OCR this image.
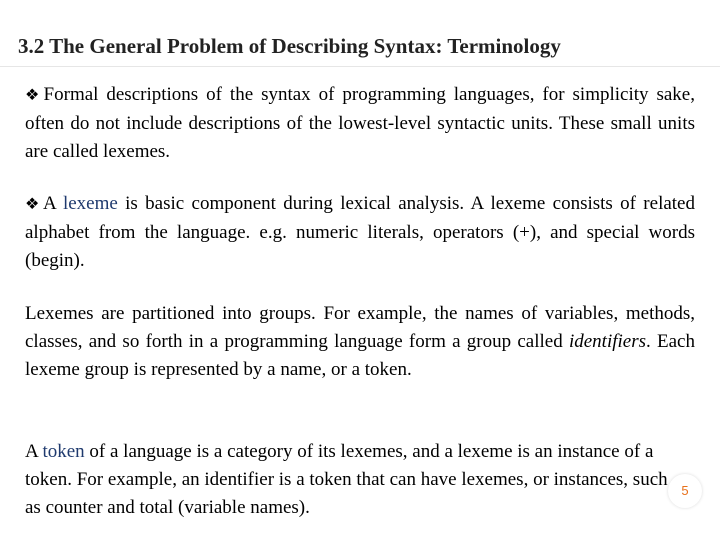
3.2 The General Problem of Describing Syntax: Terminology
❖Formal descriptions of the syntax of programming languages, for simplicity sake, often do not include descriptions of the lowest-level syntactic units. These small units are called lexemes.
❖A lexeme is basic component during lexical analysis. A lexeme consists of related alphabet from the language. e.g. numeric literals, operators (+), and special words (begin).
Lexemes are partitioned into groups. For example, the names of variables, methods, classes, and so forth in a programming language form a group called identifiers. Each lexeme group is represented by a name, or a token.
A token of a language is a category of its lexemes, and a lexeme is an instance of a token. For example, an identifier is a token that can have lexemes, or instances, such as counter and total (variable names).
5
